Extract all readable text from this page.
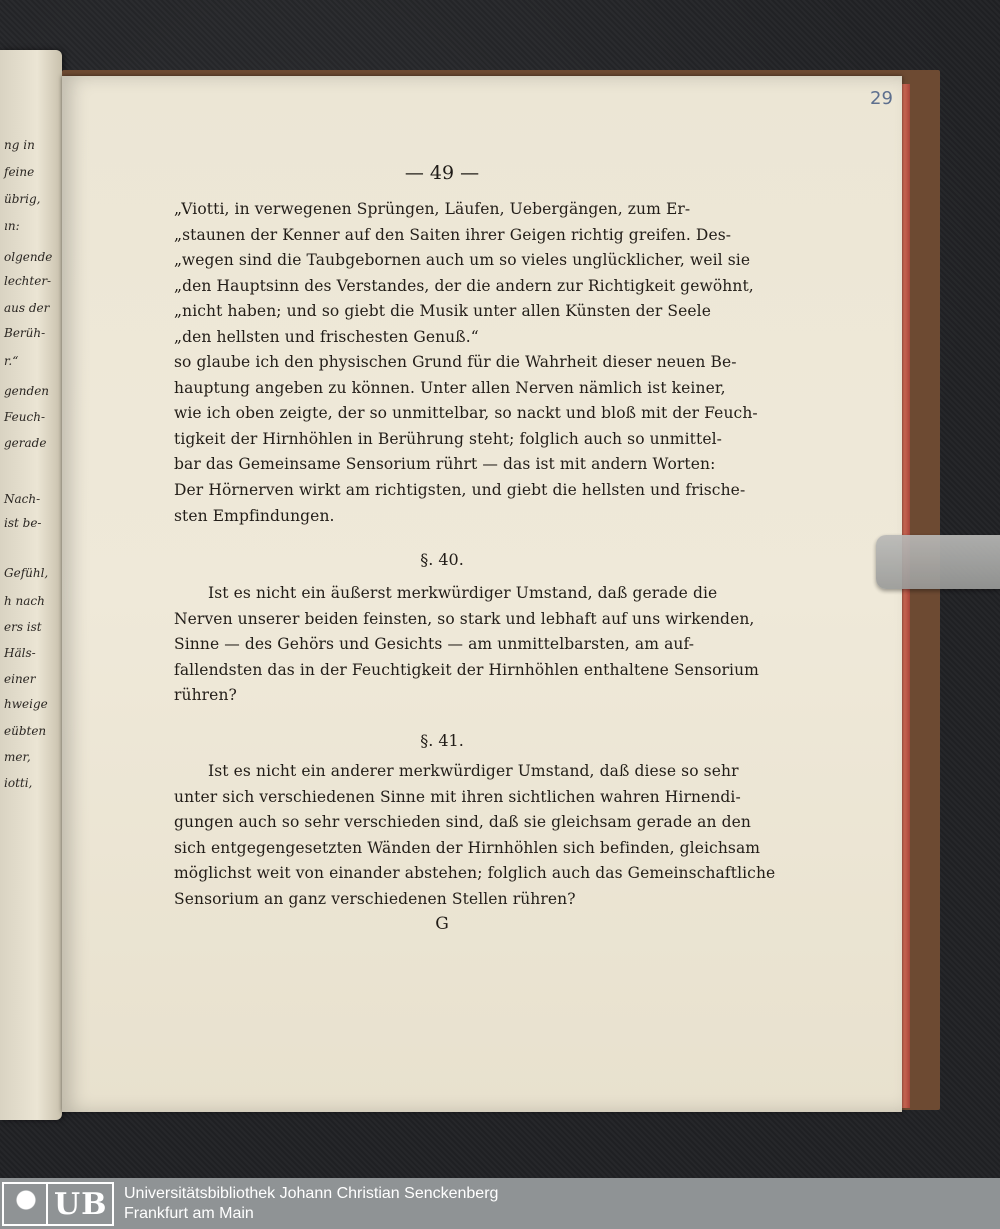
ng in
feine
übrig,
ın:
olgende
lechter-
aus der
Berüh-
r.“
genden
Feuch-
gerade
Nach-
ist be-
Gefühl,
h nach
ers ist
Häls-
einer
hweige
eübten
mer,
iotti,
29
— 49 —
„Viotti, in verwegenen Sprüngen, Läufen, Uebergängen, zum Er-
„staunen der Kenner auf den Saiten ihrer Geigen richtig greifen. Des-
„wegen sind die Taubgebornen auch um so vieles unglücklicher, weil sie
„den Hauptsinn des Verstandes, der die andern zur Richtigkeit gewöhnt,
„nicht haben; und so giebt die Musik unter allen Künsten der Seele
„den hellsten und frischesten Genuß.“
so glaube ich den physischen Grund für die Wahrheit dieser neuen Be-
hauptung angeben zu können. Unter allen Nerven nämlich ist keiner,
wie ich oben zeigte, der so unmittelbar, so nackt und bloß mit der Feuch-
tigkeit der Hirnhöhlen in Berührung steht; folglich auch so unmittel-
bar das Gemeinsame Sensorium rührt — das ist mit andern Worten:
Der Hörnerven wirkt am richtigsten, und giebt die hellsten und frische-
sten Empfindungen.
Ist es nicht ein äußerst merkwürdiger Umstand, daß gerade die
Nerven unserer beiden feinsten, so stark und lebhaft auf uns wirkenden,
Sinne — des Gehörs und Gesichts — am unmittelbarsten, am auf-
fallendsten das in der Feuchtigkeit der Hirnhöhlen enthaltene Sensorium
rühren?
Ist es nicht ein anderer merkwürdiger Umstand, daß diese so sehr
unter sich verschiedenen Sinne mit ihren sichtlichen wahren Hirnendi-
gungen auch so sehr verschieden sind, daß sie gleichsam gerade an den
sich entgegengesetzten Wänden der Hirnhöhlen sich befinden, gleichsam
möglichst weit von einander abstehen; folglich auch das Gemeinschaftliche
Sensorium an ganz verschiedenen Stellen rühren?
§. 40.
§. 41.
G
UB Universitätsbibliothek Johann Christian Senckenberg
Frankfurt am Main
